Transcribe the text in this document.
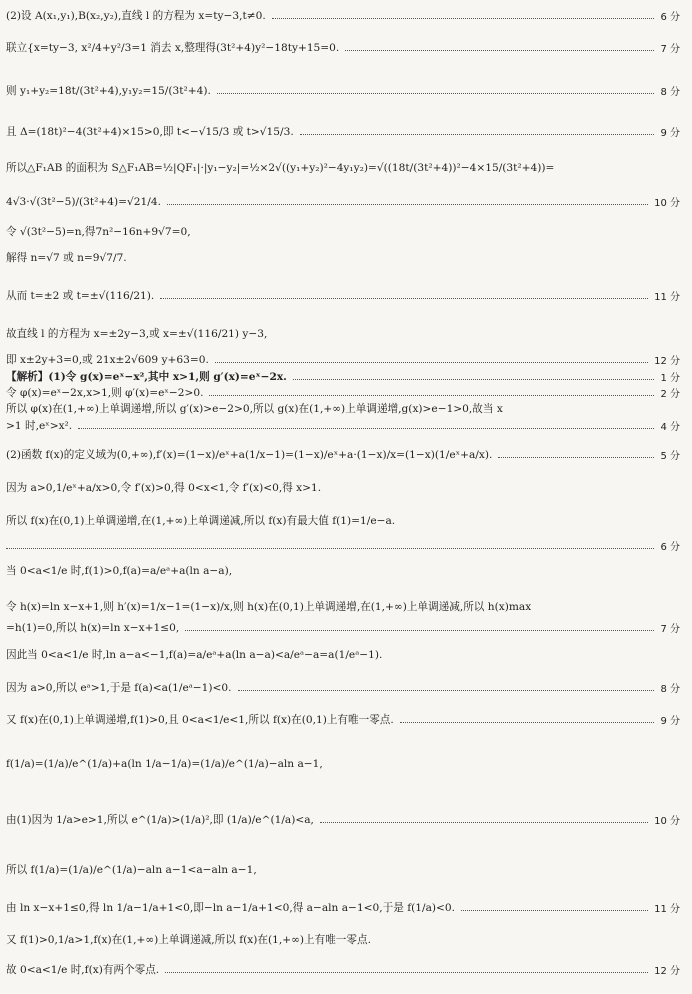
(2)设 A(x₁,y₁),B(x₂,y₂),直线 l 的方程为 x=ty−3,t≠0.	6 分
联立{x=ty−3, x²/4+y²/3=1 消去 x,整理得(3t²+4)y²−18ty+15=0.	7 分
则 y₁+y₂=18t/(3t²+4),y₁y₂=15/(3t²+4).	8 分
且 Δ=(18t)²−4(3t²+4)×15>0,即 t<−√15/3 或 t>√15/3.	9 分
所以△F₁AB 的面积为 S△F₁AB=½|QF₁|·|y₁−y₂|=½×2√((y₁+y₂)²−4y₁y₂)=√((18t/(3t²+4))²−4×15/(3t²+4))=
4√3·√(3t²−5)/(3t²+4)=√21/4.	10 分
令 √(3t²−5)=n,得7n²−16n+9√7=0,
解得 n=√7 或 n=9√7/7.
从而 t=±2 或 t=±√(116/21).	11 分
故直线 l 的方程为 x=±2y−3,或 x=±√(116/21) y−3,
即 x±2y+3=0,或 21x±2√609 y+63=0.	12 分
【解析】(1)令 g(x)=eˣ−x²,其中 x>1,则 g′(x)=eˣ−2x.	1 分
令 φ(x)=eˣ−2x,x>1,则 φ′(x)=eˣ−2>0.	2 分
所以 φ(x)在(1,+∞)上单调递增,所以 g′(x)>e−2>0,所以 g(x)在(1,+∞)上单调递增,g(x)>e−1>0,故当 x
>1 时,eˣ>x².	4 分
(2)函数 f(x)的定义域为(0,+∞),f′(x)=(1−x)/eˣ+a(1/x−1)=(1−x)/eˣ+a·(1−x)/x=(1−x)(1/eˣ+a/x).	5 分
因为 a>0,1/eˣ+a/x>0,令 f′(x)>0,得 0<x<1,令 f′(x)<0,得 x>1.
所以 f(x)在(0,1)上单调递增,在(1,+∞)上单调递减,所以 f(x)有最大值 f(1)=1/e−a.
6 分
当 0<a<1/e 时,f(1)>0,f(a)=a/eᵃ+a(ln a−a),
令 h(x)=ln x−x+1,则 h′(x)=1/x−1=(1−x)/x,则 h(x)在(0,1)上单调递增,在(1,+∞)上单调递减,所以 h(x)max
=h(1)=0,所以 h(x)=ln x−x+1≤0,	7 分
因此当 0<a<1/e 时,ln a−a<−1,f(a)=a/eᵃ+a(ln a−a)<a/eᵃ−a=a(1/eᵃ−1).
因为 a>0,所以 eᵃ>1,于是 f(a)<a(1/eᵃ−1)<0.	8 分
又 f(x)在(0,1)上单调递增,f(1)>0,且 0<a<1/e<1,所以 f(x)在(0,1)上有唯一零点.	9 分
f(1/a)=(1/a)/e^(1/a)+a(ln 1/a−1/a)=(1/a)/e^(1/a)−aln a−1,
由(1)因为 1/a>e>1,所以 e^(1/a)>(1/a)²,即 (1/a)/e^(1/a)<a,	10 分
所以 f(1/a)=(1/a)/e^(1/a)−aln a−1<a−aln a−1,
由 ln x−x+1≤0,得 ln 1/a−1/a+1<0,即−ln a−1/a+1<0,得 a−aln a−1<0,于是 f(1/a)<0.	11 分
又 f(1)>0,1/a>1,f(x)在(1,+∞)上单调递减,所以 f(x)在(1,+∞)上有唯一零点.
故 0<a<1/e 时,f(x)有两个零点.	12 分
